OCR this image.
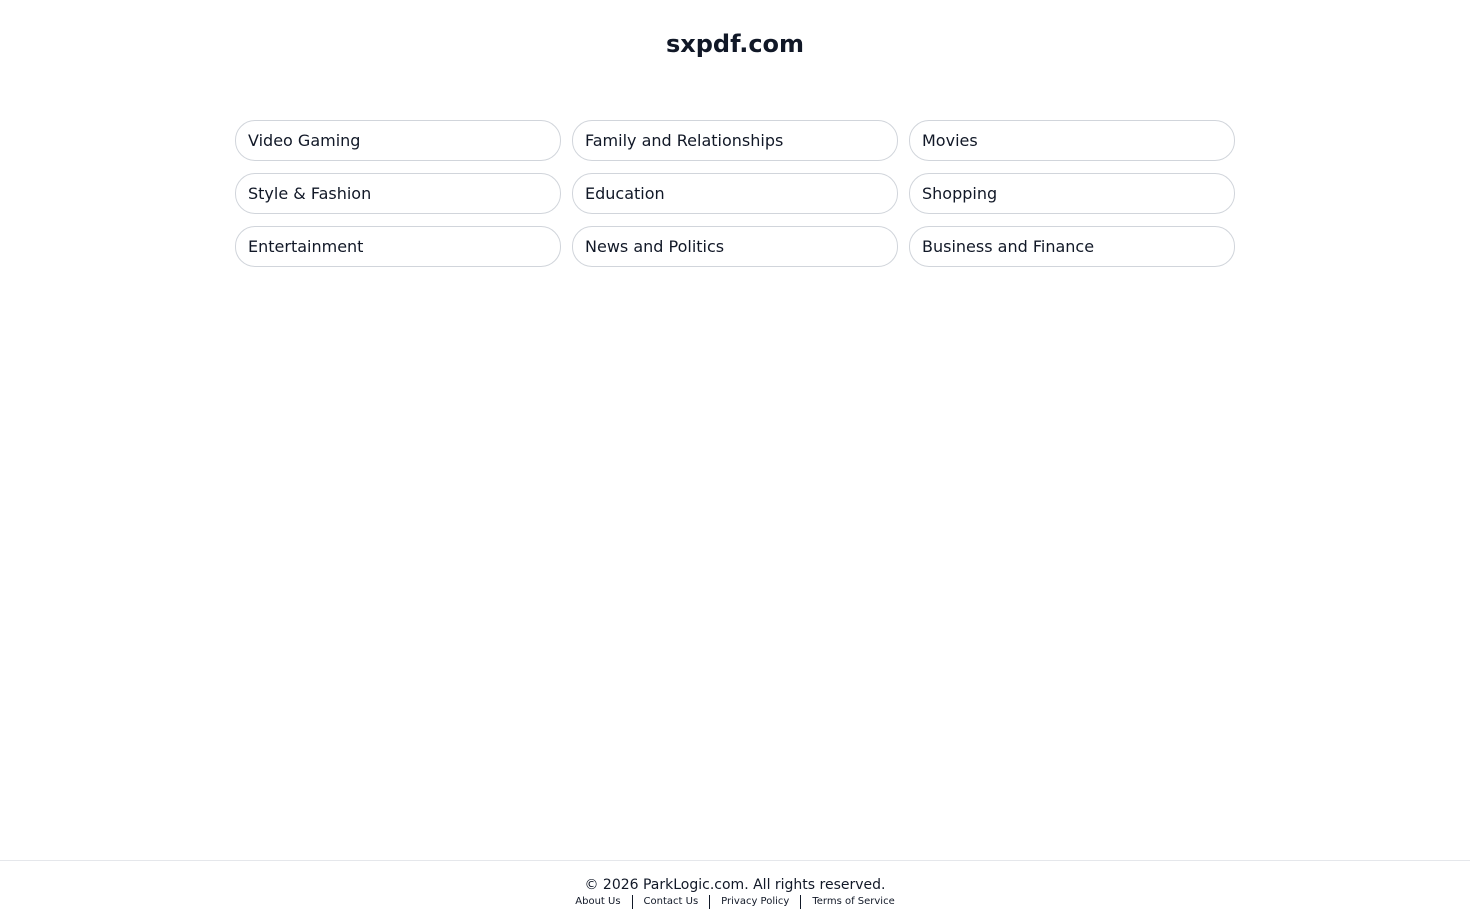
sxpdf.com
Video Gaming	Family and Relationships	Movies
Style & Fashion	Education	Shopping
Entertainment	News and Politics	Business and Finance
© 2026 ParkLogic.com. All rights reserved.
About Us	Contact Us	Privacy Policy	Terms of Service
